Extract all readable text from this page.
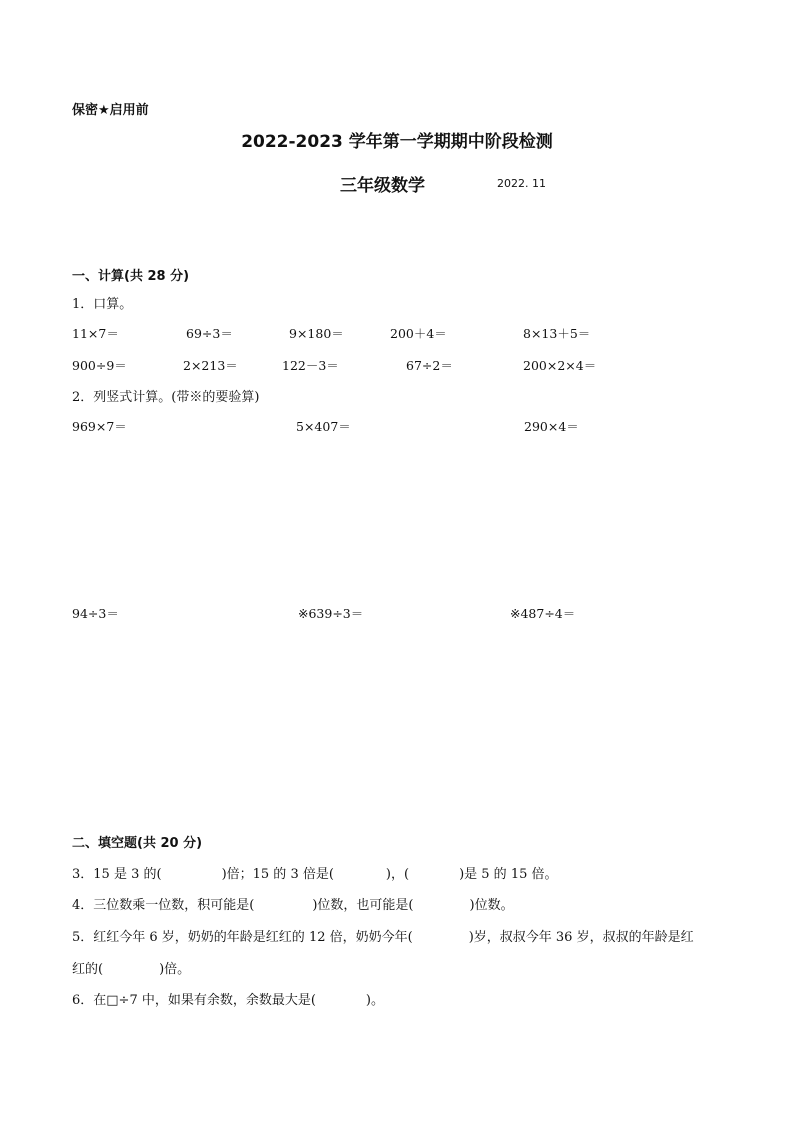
保密★启用前
2022-2023 学年第一学期期中阶段检测
三年级数学	2022. 11
一、计算(共 28 分)
1．口算。
11×7＝	69÷3＝	9×180＝	200＋4＝	8×13＋5＝
900÷9＝	2×213＝	122－3＝	67÷2＝	200×2×4＝
2．列竖式计算。(带※的要验算)
969×7＝	5×407＝	290×4＝
94÷3＝	※639÷3＝	※487÷4＝
二、填空题(共 20 分)
3．15 是 3 的(	)倍；15 的 3 倍是(	)，(	)是 5 的 15 倍。
4．三位数乘一位数，积可能是(	)位数，也可能是(	)位数。
5．红红今年 6 岁，奶奶的年龄是红红的 12 倍，奶奶今年(	)岁，叔叔今年 36 岁，叔叔的年龄是红
红的(	)倍。
6．在□÷7 中，如果有余数，余数最大是(	)。
